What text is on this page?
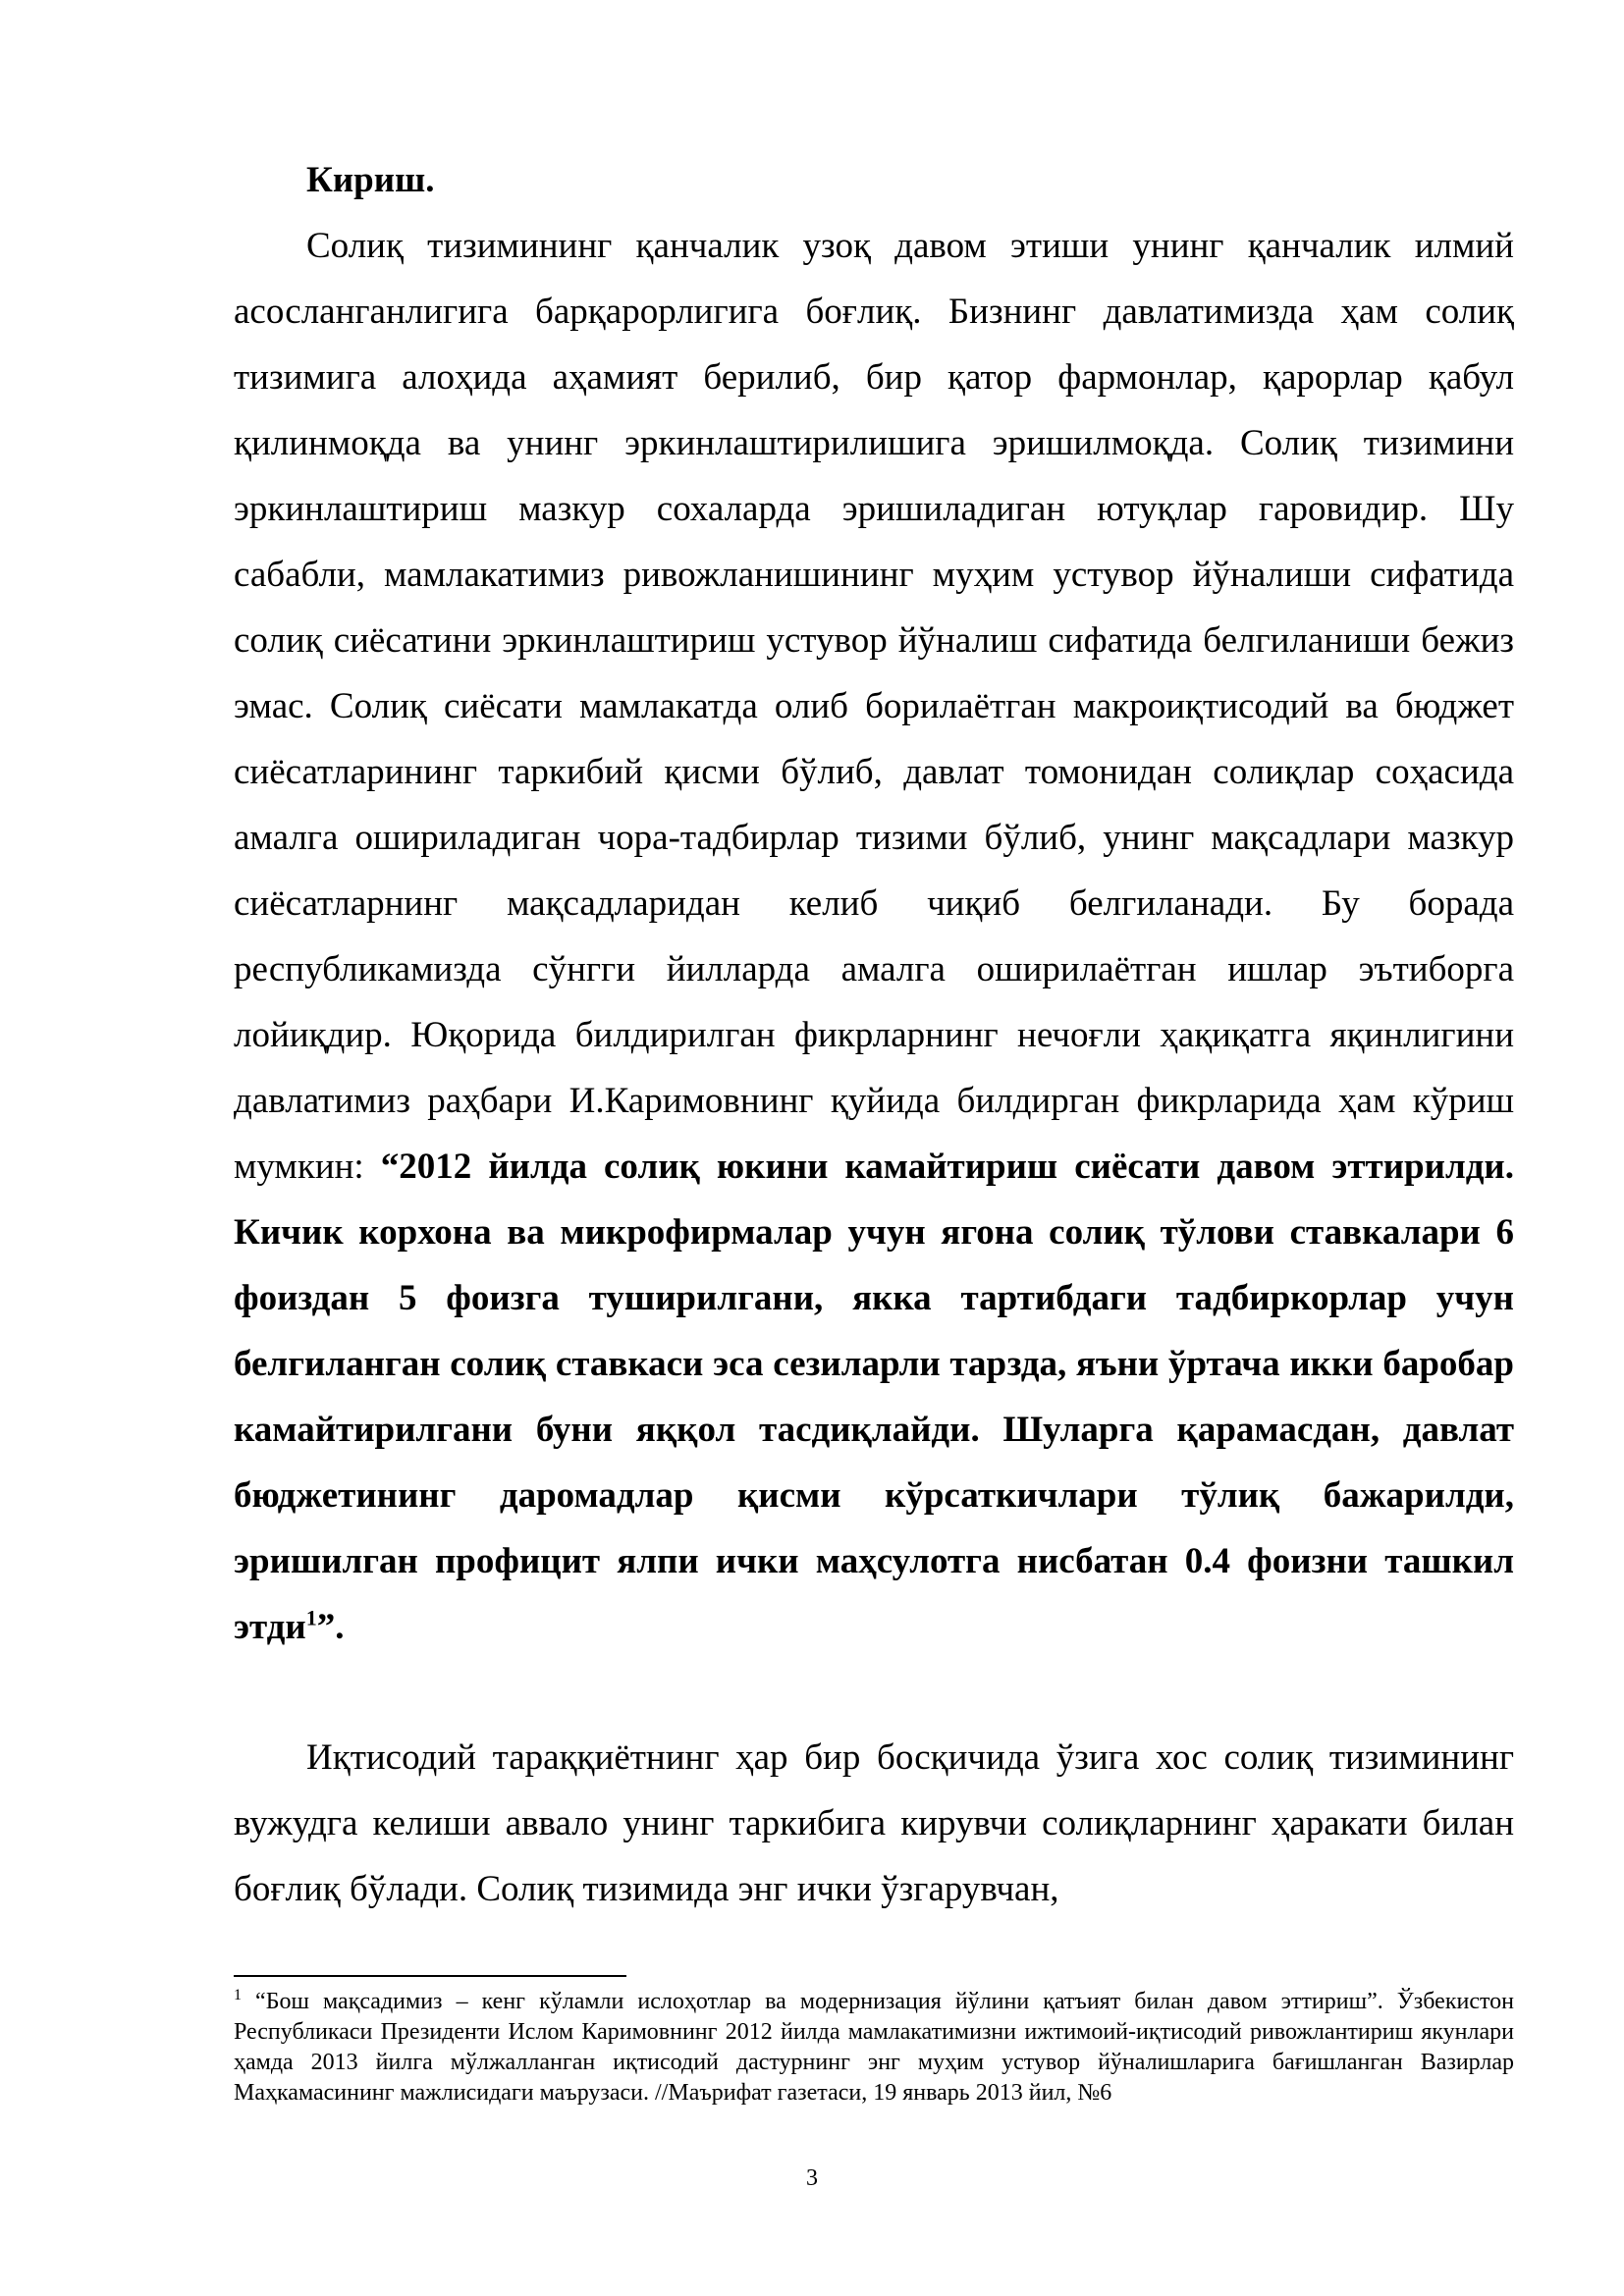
Кириш.
Солиқ тизимининг қанчалик узоқ давом этиши унинг қанчалик илмий асосланганлигига барқарорлигига боғлиқ. Бизнинг давлатимизда ҳам солиқ тизимига алоҳида аҳамият берилиб, бир қатор фармонлар, қарорлар қабул қилинмоқда ва унинг эркинлаштирилишига эришилмоқда. Солиқ тизимини эркинлаштириш мазкур сохаларда эришиладиган ютуқлар гаровидир. Шу сабабли, мамлакатимиз ривожланишининг муҳим устувор йўналиши сифатида солиқ сиёсатини эркинлаштириш устувор йўналиш сифатида белгиланиши бежиз эмас. Солиқ сиёсати мамлакатда олиб борилаётган макроиқтисодий ва бюджет сиёсатларининг таркибий қисми бўлиб, давлат томонидан солиқлар соҳасида амалга ошириладиган чора-тадбирлар тизими бўлиб, унинг мақсадлари мазкур сиёсатларнинг мақсадларидан келиб чиқиб белгиланади. Бу борада республикамизда сўнгги йилларда амалга оширилаётган ишлар эътиборга лойиқдир. Юқорида билдирилган фикрларнинг нечоғли ҳақиқатга яқинлигини давлатимиз раҳбари И.Каримовнинг қуйида билдирган фикрларида ҳам кўриш мумкин: “2012 йилда солиқ юкини камайтириш сиёсати давом эттирилди. Кичик корхона ва микрофирмалар учун ягона солиқ тўлови ставкалари 6 фоиздан 5 фоизга туширилгани, якка тартибдаги тадбиркорлар учун белгиланган солиқ ставкаси эса сезиларли тарзда, яъни ўртача икки баробар камайтирилгани буни яққол тасдиқлайди. Шуларга қарамасдан, давлат бюджетининг даромадлар қисми кўрсаткичлари тўлиқ бажарилди, эришилган профицит ялпи ички маҳсулотга нисбатан 0.4 фоизни ташкил этди$^1$”.
Иқтисодий тараққиётнинг ҳар бир босқичида ўзига хос солиқ тизимининг вужудга келиши аввало унинг таркибига кирувчи солиқларнинг ҳаракати билан боғлиқ бўлади. Солиқ тизимида энг ички ўзгарувчан,
$^1$ “Бош мақсадимиз – кенг кўламли ислоҳотлар ва модернизация йўлини қатъият билан давом эттириш”. Ўзбекистон Республикаси Президенти Ислом Каримовнинг 2012 йилда мамлакатимизни ижтимоий-иқтисодий ривожлантириш якунлари ҳамда 2013 йилга мўлжалланган иқтисодий дастурнинг энг муҳим устувор йўналишларига бағишланган Вазирлар Маҳкамасининг мажлисидаги маърузаси. //Маърифат газетаси, 19 январь 2013 йил, №6
3
